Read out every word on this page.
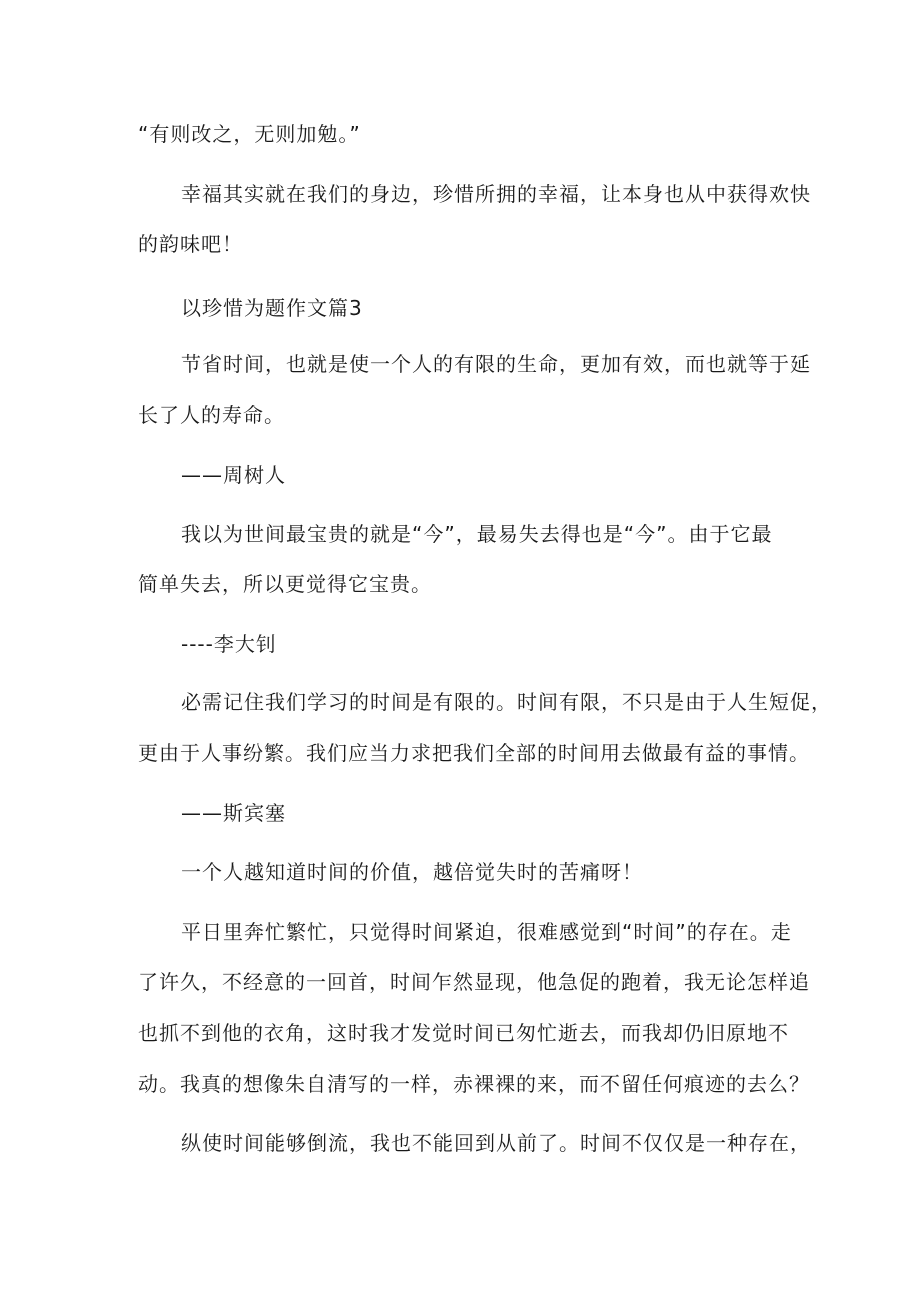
“有则改之，无则加勉。”

幸福其实就在我们的身边，珍惜所拥的幸福，让本身也从中获得欢快

的韵味吧！

以珍惜为题作文篇3

节省时间，也就是使一个人的有限的生命，更加有效，而也就等于延

长了人的寿命。

——周树人

我以为世间最宝贵的就是“今”，最易失去得也是“今”。由于它最

简单失去，所以更觉得它宝贵。

----李大钊

必需记住我们学习的时间是有限的。时间有限，不只是由于人生短促，

更由于人事纷繁。我们应当力求把我们全部的时间用去做最有益的事情。

——斯宾塞

一个人越知道时间的价值，越倍觉失时的苦痛呀！

平日里奔忙繁忙，只觉得时间紧迫，很难感觉到“时间”的存在。走

了许久，不经意的一回首，时间乍然显现，他急促的跑着，我无论怎样追

也抓不到他的衣角，这时我才发觉时间已匆忙逝去，而我却仍旧原地不

动。我真的想像朱自清写的一样，赤裸裸的来，而不留任何痕迹的去么？

纵使时间能够倒流，我也不能回到从前了。时间不仅仅是一种存在，
